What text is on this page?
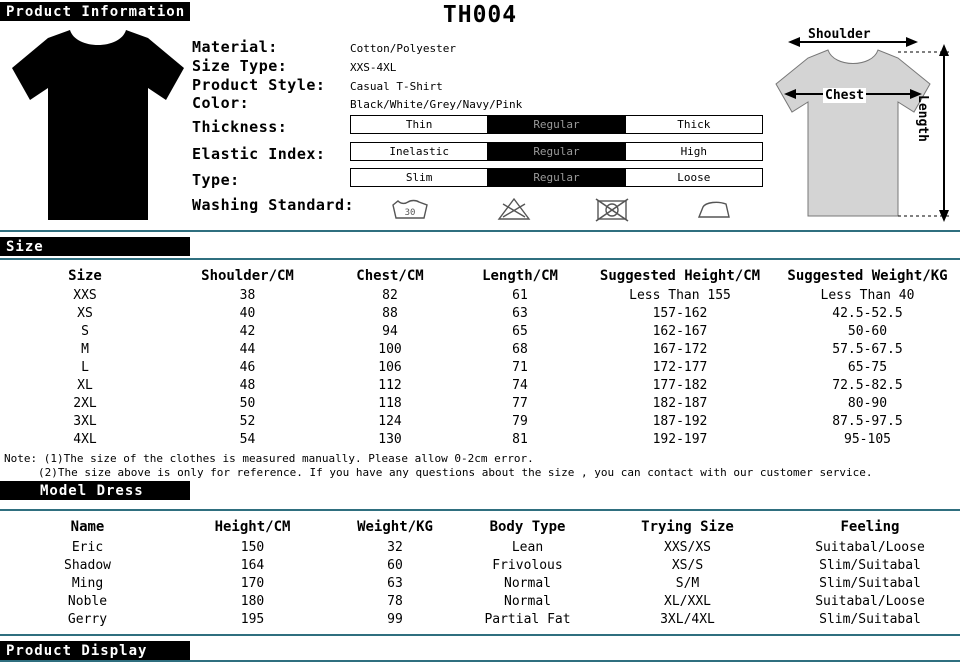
Product Information	TH004
Material:	Cotton/Polyester
Size Type:	XXS-4XL
Product Style: Casual T-Shirt
Color:	Black/White/Grey/Navy/Pink
Thickness:	Thin	Regular	Thick
Elastic Index:	Inelastic	Regular	High
Type:	Slim	Regular	Loose
Washing Standard:	30
Shoulder
Chest	Length
Size
Size	Shoulder/CM	Chest/CM	Length/CM	Suggested Height/CM	Suggested Weight/KG
XXS	38	82	61	Less Than 155	Less Than 40
XS	40	88	63	157-162	42.5-52.5
S	42	94	65	162-167	50-60
M	44	100	68	167-172	57.5-67.5
L	46	106	71	172-177	65-75
XL	48	112	74	177-182	72.5-82.5
2XL	50	118	77	182-187	80-90
3XL	52	124	79	187-192	87.5-97.5
4XL	54	130	81	192-197	95-105
Note: (1)The size of the clothes is measured manually. Please allow 0-2cm error.
(2)The size above is only for reference. If you have any questions about the size , you can contact with our customer service.
Model Dress
Name	Height/CM	Weight/KG	Body Type	Trying Size	Feeling
Eric	150	32	Lean	XXS/XS	Suitabal/Loose
Shadow	164	60	Frivolous	XS/S	Slim/Suitabal
Ming	170	63	Normal	S/M	Slim/Suitabal
Noble	180	78	Normal	XL/XXL	Suitabal/Loose
Gerry	195	99	Partial Fat	3XL/4XL	Slim/Suitabal
Product Display
